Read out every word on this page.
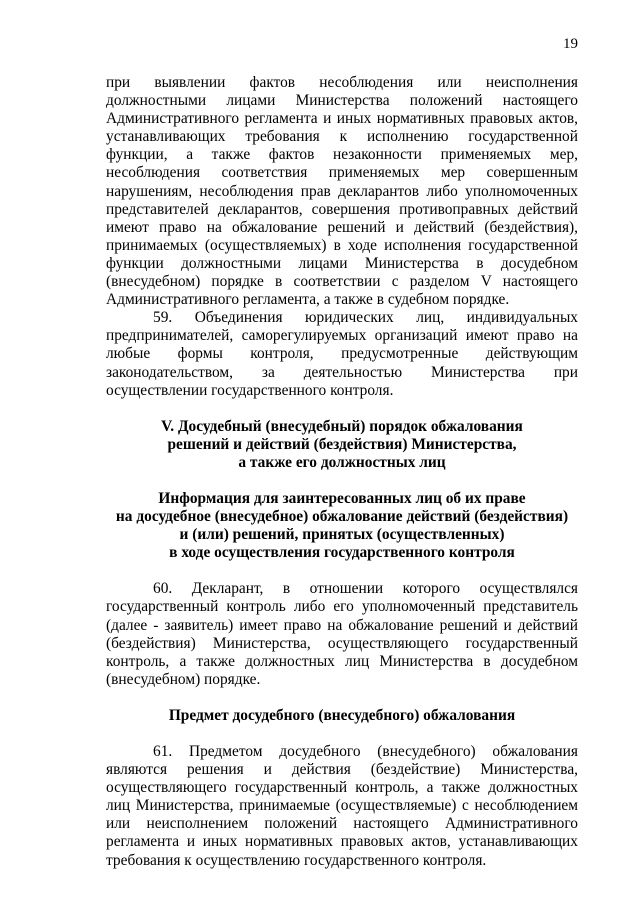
19

при выявлении фактов несоблюдения или неисполнения должностными лицами Министерства положений настоящего Административного регламента и иных нормативных правовых актов, устанавливающих требования к исполнению государственной функции, а также фактов незаконности применяемых мер, несоблюдения соответствия применяемых мер совершенным нарушениям, несоблюдения прав декларантов либо уполномоченных представителей декларантов, совершения противоправных действий имеют право на обжалование решений и действий (бездействия), принимаемых (осуществляемых) в ходе исполнения государственной функции должностными лицами Министерства в досудебном (внесудебном) порядке в соответствии с разделом V настоящего Административного регламента, а также в судебном порядке.

59. Объединения юридических лиц, индивидуальных предпринимателей, саморегулируемых организаций имеют право на любые формы контроля, предусмотренные действующим законодательством, за деятельностью Министерства при осуществлении государственного контроля.

V. Досудебный (внесудебный) порядок обжалования
решений и действий (бездействия) Министерства,
а также его должностных лиц
Информация для заинтересованных лиц об их праве
на досудебное (внесудебное) обжалование действий (бездействия)
и (или) решений, принятых (осуществленных)
в ходе осуществления государственного контроля

60. Декларант, в отношении которого осуществлялся государственный контроль либо его уполномоченный представитель (далее - заявитель) имеет право на обжалование решений и действий (бездействия) Министерства, осуществляющего государственный контроль, а также должностных лиц Министерства в досудебном (внесудебном) порядке.

Предмет досудебного (внесудебного) обжалования

61. Предметом досудебного (внесудебного) обжалования являются решения и действия (бездействие) Министерства, осуществляющего государственный контроль, а также должностных лиц Министерства, принимаемые (осуществляемые) с несоблюдением или неисполнением положений настоящего Административного регламента и иных нормативных правовых актов, устанавливающих требования к осуществлению государственного контроля.
